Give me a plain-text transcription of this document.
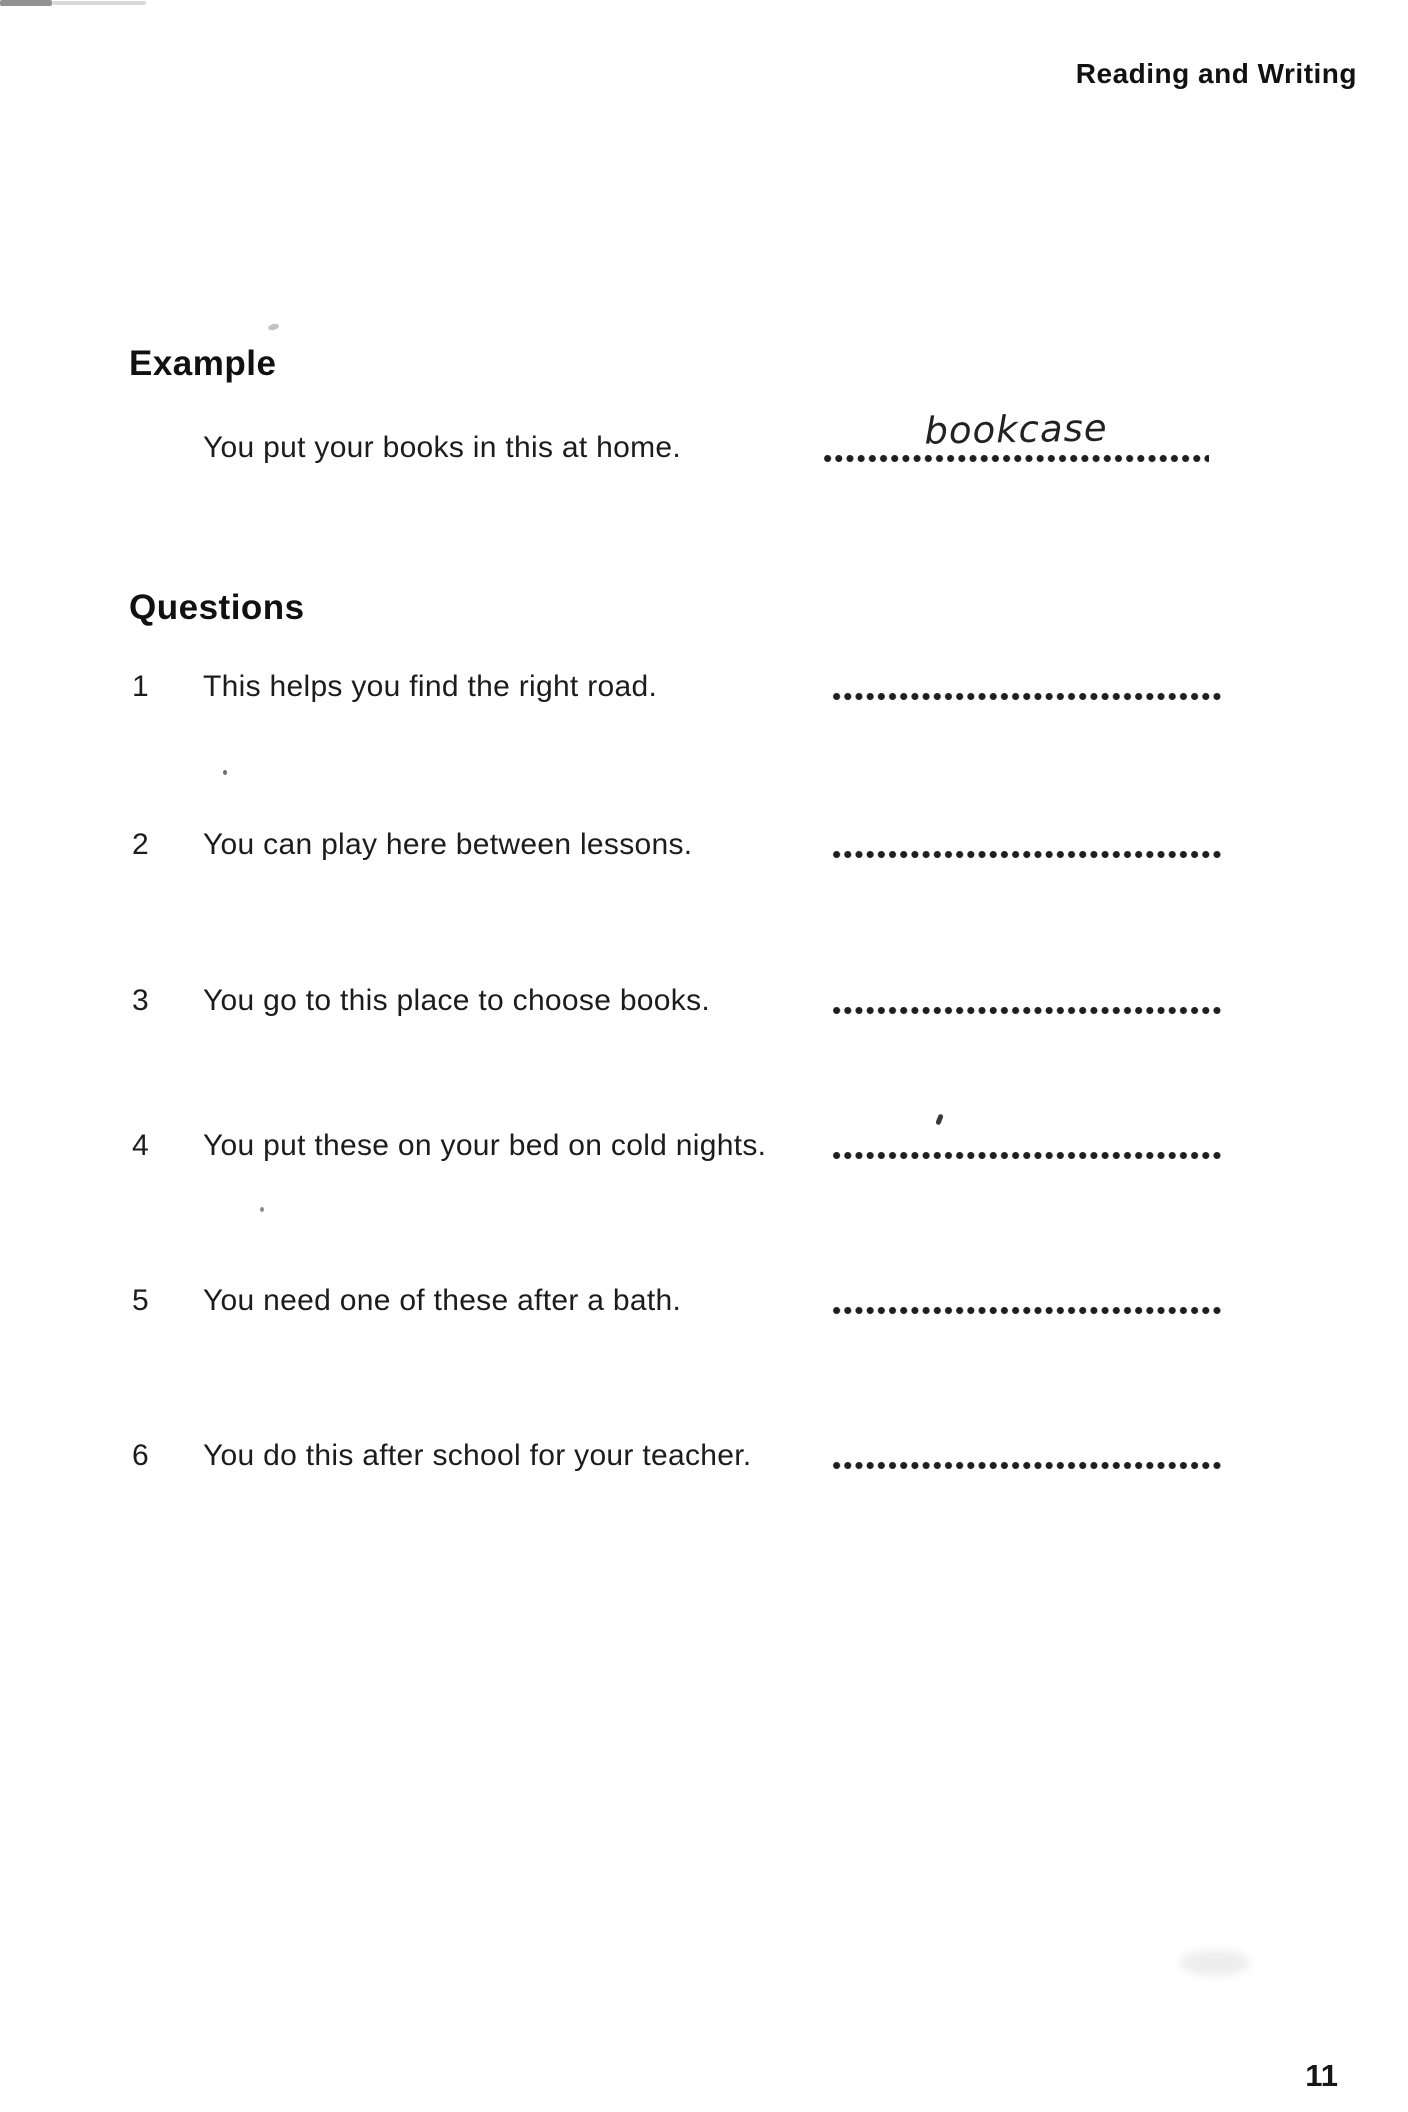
Reading and Writing
Example
You put your books in this at home.	bookcase
Questions
1 This helps you find the right road.
2 You can play here between lessons.
3 You go to this place to choose books.
4 You put these on your bed on cold nights.
5 You need one of these after a bath.
6 You do this after school for your teacher.
11
